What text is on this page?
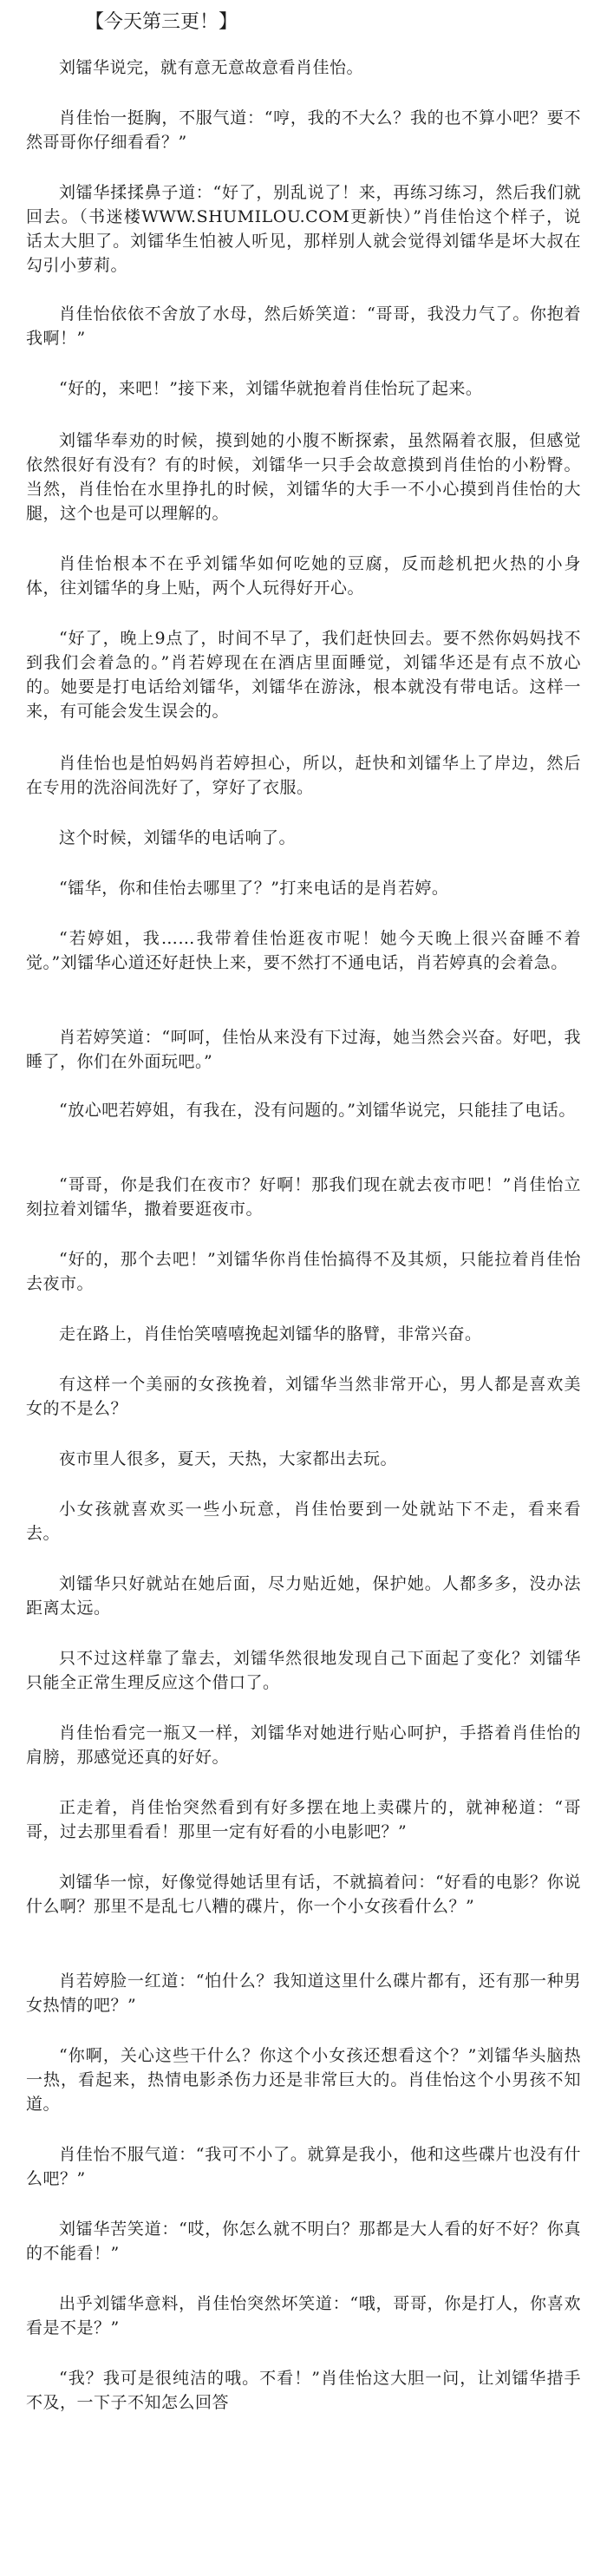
【今天第三更！】

刘镭华说完，就有意无意故意看肖佳怡。

肖佳怡一挺胸，不服气道：“哼，我的不大么？我的也不算小吧？要不然哥哥你仔细看看？”

刘镭华揉揉鼻子道：“好了，别乱说了！来，再练习练习，然后我们就回去。（书迷楼WWW.SHUMILOU.COM更新快）”肖佳怡这个样子，说话太大胆了。刘镭华生怕被人听见，那样别人就会觉得刘镭华是坏大叔在勾引小萝莉。

肖佳怡依依不舍放了水母，然后娇笑道：“哥哥，我没力气了。你抱着我啊！”

“好的，来吧！”接下来，刘镭华就抱着肖佳怡玩了起来。

刘镭华奉劝的时候，摸到她的小腹不断探索，虽然隔着衣服，但感觉依然很好有没有？有的时候，刘镭华一只手会故意摸到肖佳怡的小粉臀。当然，肖佳怡在水里挣扎的时候，刘镭华的大手一不小心摸到肖佳怡的大腿，这个也是可以理解的。

肖佳怡根本不在乎刘镭华如何吃她的豆腐，反而趁机把火热的小身体，往刘镭华的身上贴，两个人玩得好开心。

“好了，晚上9点了，时间不早了，我们赶快回去。要不然你妈妈找不到我们会着急的。”肖若婷现在在酒店里面睡觉，刘镭华还是有点不放心的。她要是打电话给刘镭华，刘镭华在游泳，根本就没有带电话。这样一来，有可能会发生误会的。

肖佳怡也是怕妈妈肖若婷担心，所以，赶快和刘镭华上了岸边，然后在专用的洗浴间洗好了，穿好了衣服。

这个时候，刘镭华的电话响了。

“镭华，你和佳怡去哪里了？”打来电话的是肖若婷。

“若婷姐，我……我带着佳怡逛夜市呢！她今天晚上很兴奋睡不着觉。”刘镭华心道还好赶快上来，要不然打不通电话，肖若婷真的会着急。

肖若婷笑道：“呵呵，佳怡从来没有下过海，她当然会兴奋。好吧，我睡了，你们在外面玩吧。”

“放心吧若婷姐，有我在，没有问题的。”刘镭华说完，只能挂了电话。

“哥哥，你是我们在夜市？好啊！那我们现在就去夜市吧！”肖佳怡立刻拉着刘镭华，撒着要逛夜市。

“好的，那个去吧！”刘镭华你肖佳怡搞得不及其烦，只能拉着肖佳怡去夜市。

走在路上，肖佳怡笑嘻嘻挽起刘镭华的胳臂，非常兴奋。

有这样一个美丽的女孩挽着，刘镭华当然非常开心，男人都是喜欢美女的不是么？

夜市里人很多，夏天，天热，大家都出去玩。

小女孩就喜欢买一些小玩意，肖佳怡要到一处就站下不走，看来看去。

刘镭华只好就站在她后面，尽力贴近她，保护她。人都多多，没办法距离太远。

只不过这样靠了靠去，刘镭华然很地发现自己下面起了变化？刘镭华只能全正常生理反应这个借口了。

肖佳怡看完一瓶又一样，刘镭华对她进行贴心呵护，手搭着肖佳怡的肩膀，那感觉还真的好好。

正走着，肖佳怡突然看到有好多摆在地上卖碟片的，就神秘道：“哥哥，过去那里看看！那里一定有好看的小电影吧？”

刘镭华一惊，好像觉得她话里有话，不就搞着问：“好看的电影？你说什么啊？那里不是乱七八糟的碟片，你一个小女孩看什么？”

肖若婷脸一红道：“怕什么？我知道这里什么碟片都有，还有那一种男女热情的吧？”

“你啊，关心这些干什么？你这个小女孩还想看这个？”刘镭华头脑热一热，看起来，热情电影杀伤力还是非常巨大的。肖佳怡这个小男孩不知道。

肖佳怡不服气道：“我可不小了。就算是我小，他和这些碟片也没有什么吧？”

刘镭华苦笑道：“哎，你怎么就不明白？那都是大人看的好不好？你真的不能看！”

出乎刘镭华意料，肖佳怡突然坏笑道：“哦，哥哥，你是打人，你喜欢看是不是？”

“我？我可是很纯洁的哦。不看！”肖佳怡这大胆一问，让刘镭华措手不及，一下子不知怎么回答
